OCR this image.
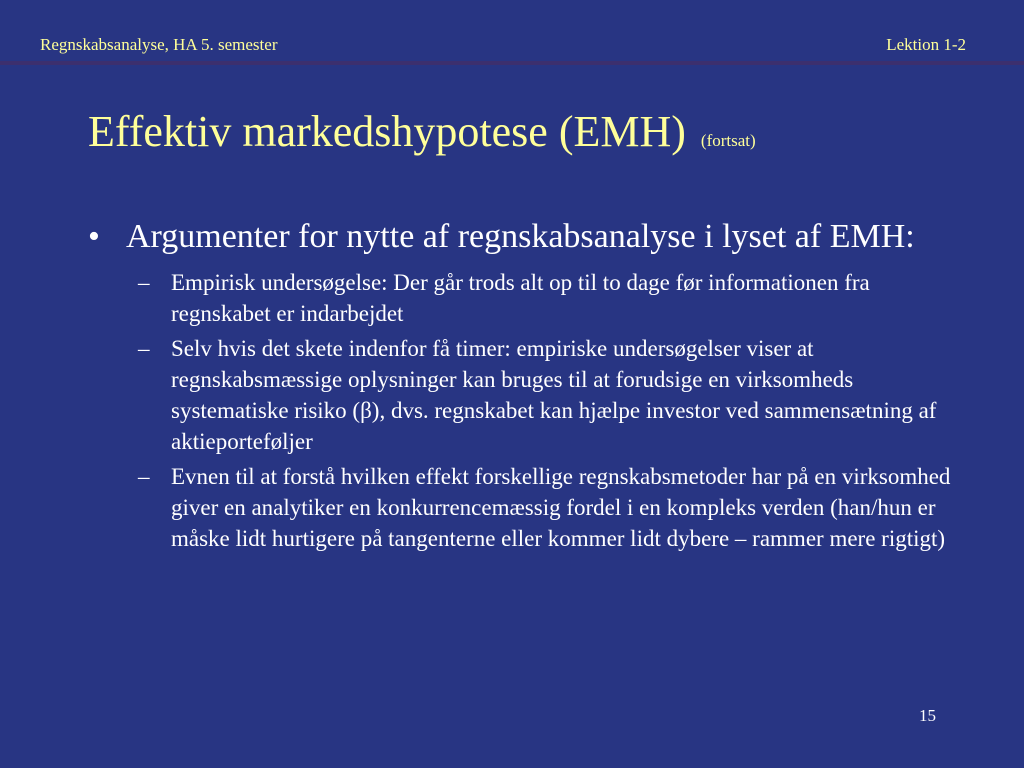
Regnskabsanalyse, HA 5. semester	Lektion 1-2
Effektiv markedshypotese (EMH) (fortsat)
• Argumenter for nytte af regnskabsanalyse i lyset af EMH:
– Empirisk undersøgelse: Der går trods alt op til to dage før informationen fra regnskabet er indarbejdet
– Selv hvis det skete indenfor få timer: empiriske undersøgelser viser at regnskabsmæssige oplysninger kan bruges til at forudsige en virksomheds systematiske risiko (β), dvs. regnskabet kan hjælpe investor ved sammensætning af aktieporteføljer
– Evnen til at forstå hvilken effekt forskellige regnskabsmetoder har på en virksomhed giver en analytiker en konkurrencemæssig fordel i en kompleks verden (han/hun er måske lidt hurtigere på tangenterne eller kommer lidt dybere – rammer mere rigtigt)
15
